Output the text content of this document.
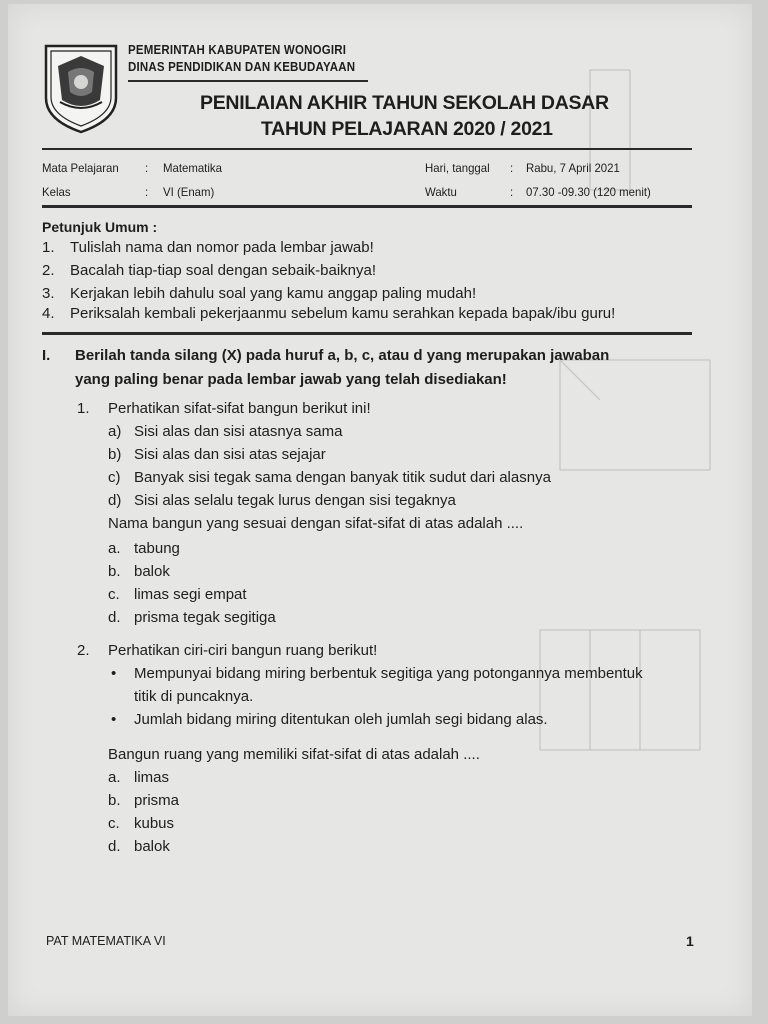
PEMERINTAH KABUPATEN WONOGIRI
DINAS PENDIDIKAN DAN KEBUDAYAAN
PENILAIAN AKHIR TAHUN SEKOLAH DASAR
TAHUN PELAJARAN 2020 / 2021
Mata Pelajaran : Matematika
Kelas	: VI (Enam)
Hari, tanggal : Rabu, 7 April 2021
Waktu	: 07.30 -09.30 (120 menit)
Petunjuk Umum :
1. Tulislah nama dan nomor pada lembar jawab!
2. Bacalah tiap-tiap soal dengan sebaik-baiknya!
3. Kerjakan lebih dahulu soal yang kamu anggap paling mudah!
4. Periksalah kembali pekerjaanmu sebelum kamu serahkan kepada bapak/ibu guru!
I. Berilah tanda silang (X) pada huruf a, b, c, atau d yang merupakan jawaban
yang paling benar pada lembar jawab yang telah disediakan!
1. Perhatikan sifat-sifat bangun berikut ini!
a) Sisi alas dan sisi atasnya sama
b) Sisi alas dan sisi atas sejajar
c) Banyak sisi tegak sama dengan banyak titik sudut dari alasnya
d) Sisi alas selalu tegak lurus dengan sisi tegaknya
Nama bangun yang sesuai dengan sifat-sifat di atas adalah ....
a. tabung
b. balok
c. limas segi empat
d. prisma tegak segitiga
2. Perhatikan ciri-ciri bangun ruang berikut!
• Mempunyai bidang miring berbentuk segitiga yang potongannya membentuk
titik di puncaknya.
• Jumlah bidang miring ditentukan oleh jumlah segi bidang alas.
Bangun ruang yang memiliki sifat-sifat di atas adalah ....
a. limas
b. prisma
c. kubus
d. balok
PAT MATEMATIKA VI	1
